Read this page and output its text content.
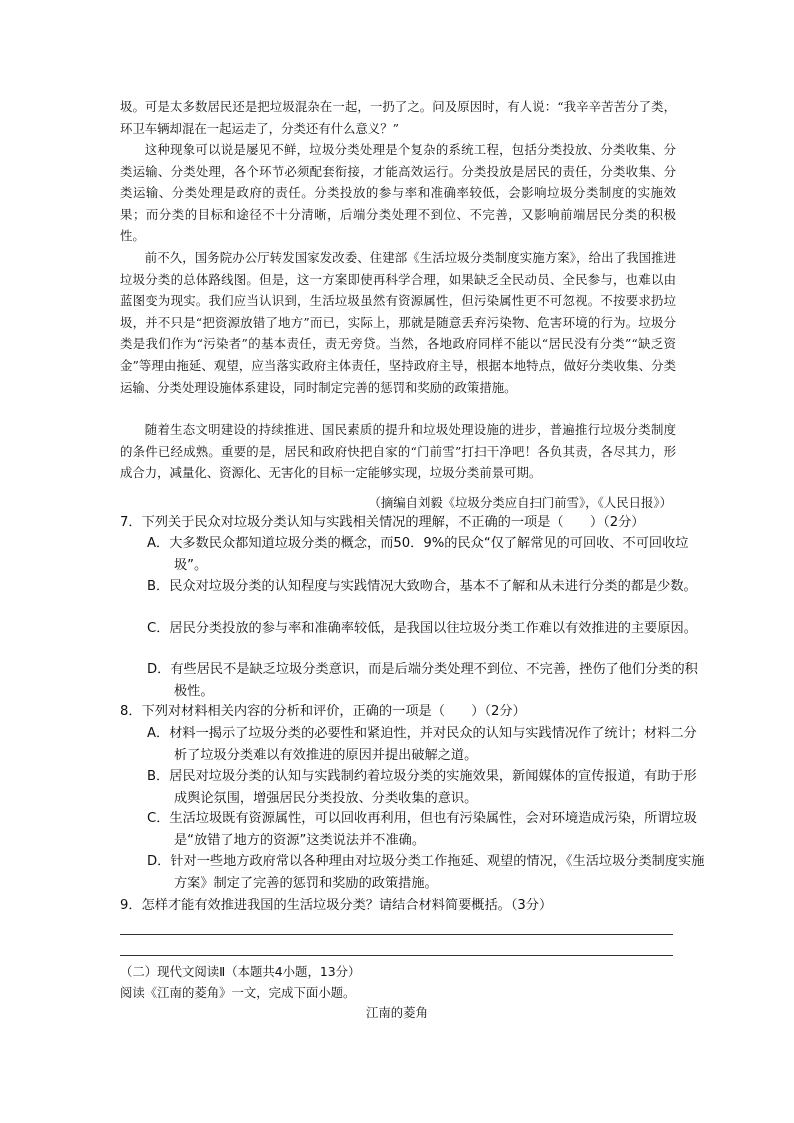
圾。可是太多数居民还是把垃圾混杂在一起，一扔了之。问及原因时，有人说：“我辛辛苦苦分了类，环卫车辆却混在一起运走了，分类还有什么意义？”
这种现象可以说是屡见不鲜，垃圾分类处理是个复杂的系统工程，包括分类投放、分类收集、分类运输、分类处理，各个环节必须配套衔接，才能高效运行。分类投放是居民的责任，分类收集、分类运输、分类处理是政府的责任。分类投放的参与率和准确率较低，会影响垃圾分类制度的实施效果；而分类的目标和途径不十分清晰，后端分类处理不到位、不完善，又影响前端居民分类的积极性。
前不久，国务院办公厅转发国家发改委、住建部《生活垃圾分类制度实施方案》，给出了我国推进垃圾分类的总体路线图。但是，这一方案即使再科学合理，如果缺乏全民动员、全民参与，也难以由蓝图变为现实。我们应当认识到，生活垃圾虽然有资源属性，但污染属性更不可忽视。不按要求扔垃圾，并不只是“把资源放错了地方”而已，实际上，那就是随意丢弃污染物、危害环境的行为。垃圾分类是我们作为“污染者”的基本责任，责无旁贷。当然，各地政府同样不能以“居民没有分类”“缺乏资金”等理由拖延、观望，应当落实政府主体责任，坚持政府主导，根据本地特点，做好分类收集、分类运输、分类处理设施体系建设，同时制定完善的惩罚和奖励的政策措施。
随着生态文明建设的持续推进、国民素质的提升和垃圾处理设施的进步，普遍推行垃圾分类制度的条件已经成熟。重要的是，居民和政府快把自家的“门前雪”打扫干净吧！各负其责，各尽其力，形成合力，减量化、资源化、无害化的目标一定能够实现，垃圾分类前景可期。
（摘编自刘毅《垃圾分类应自扫门前雪》，《人民日报》）
7．下列关于民众对垃圾分类认知与实践相关情况的理解，不正确的一项是（　　）（2分）
A．大多数民众都知道垃圾分类的概念，而50．9%的民众“仅了解常见的可回收、不可回收垃圾”。
B．民众对垃圾分类的认知程度与实践情况大致吻合，基本不了解和从未进行分类的都是少数。
C．居民分类投放的参与率和准确率较低，是我国以往垃圾分类工作难以有效推进的主要原因。
D．有些居民不是缺乏垃圾分类意识，而是后端分类处理不到位、不完善，挫伤了他们分类的积极性。
8．下列对材料相关内容的分析和评价，正确的一项是（　　）（2分）
A．材料一揭示了垃圾分类的必要性和紧迫性，并对民众的认知与实践情况作了统计；材料二分析了垃圾分类难以有效推进的原因并提出破解之道。
B．居民对垃圾分类的认知与实践制约着垃圾分类的实施效果，新闻媒体的宣传报道，有助于形成舆论氛围，增强居民分类投放、分类收集的意识。
C．生活垃圾既有资源属性，可以回收再利用，但也有污染属性，会对环境造成污染，所谓垃圾是“放错了地方的资源”这类说法并不准确。
D．针对一些地方政府常以各种理由对垃圾分类工作拖延、观望的情况，《生活垃圾分类制度实施方案》制定了完善的惩罚和奖励的政策措施。
9．怎样才能有效推进我国的生活垃圾分类？请结合材料简要概括。（3分）
（二）现代文阅读Ⅱ（本题共4小题，13分）
阅读《江南的菱角》一文，完成下面小题。
江南的菱角
